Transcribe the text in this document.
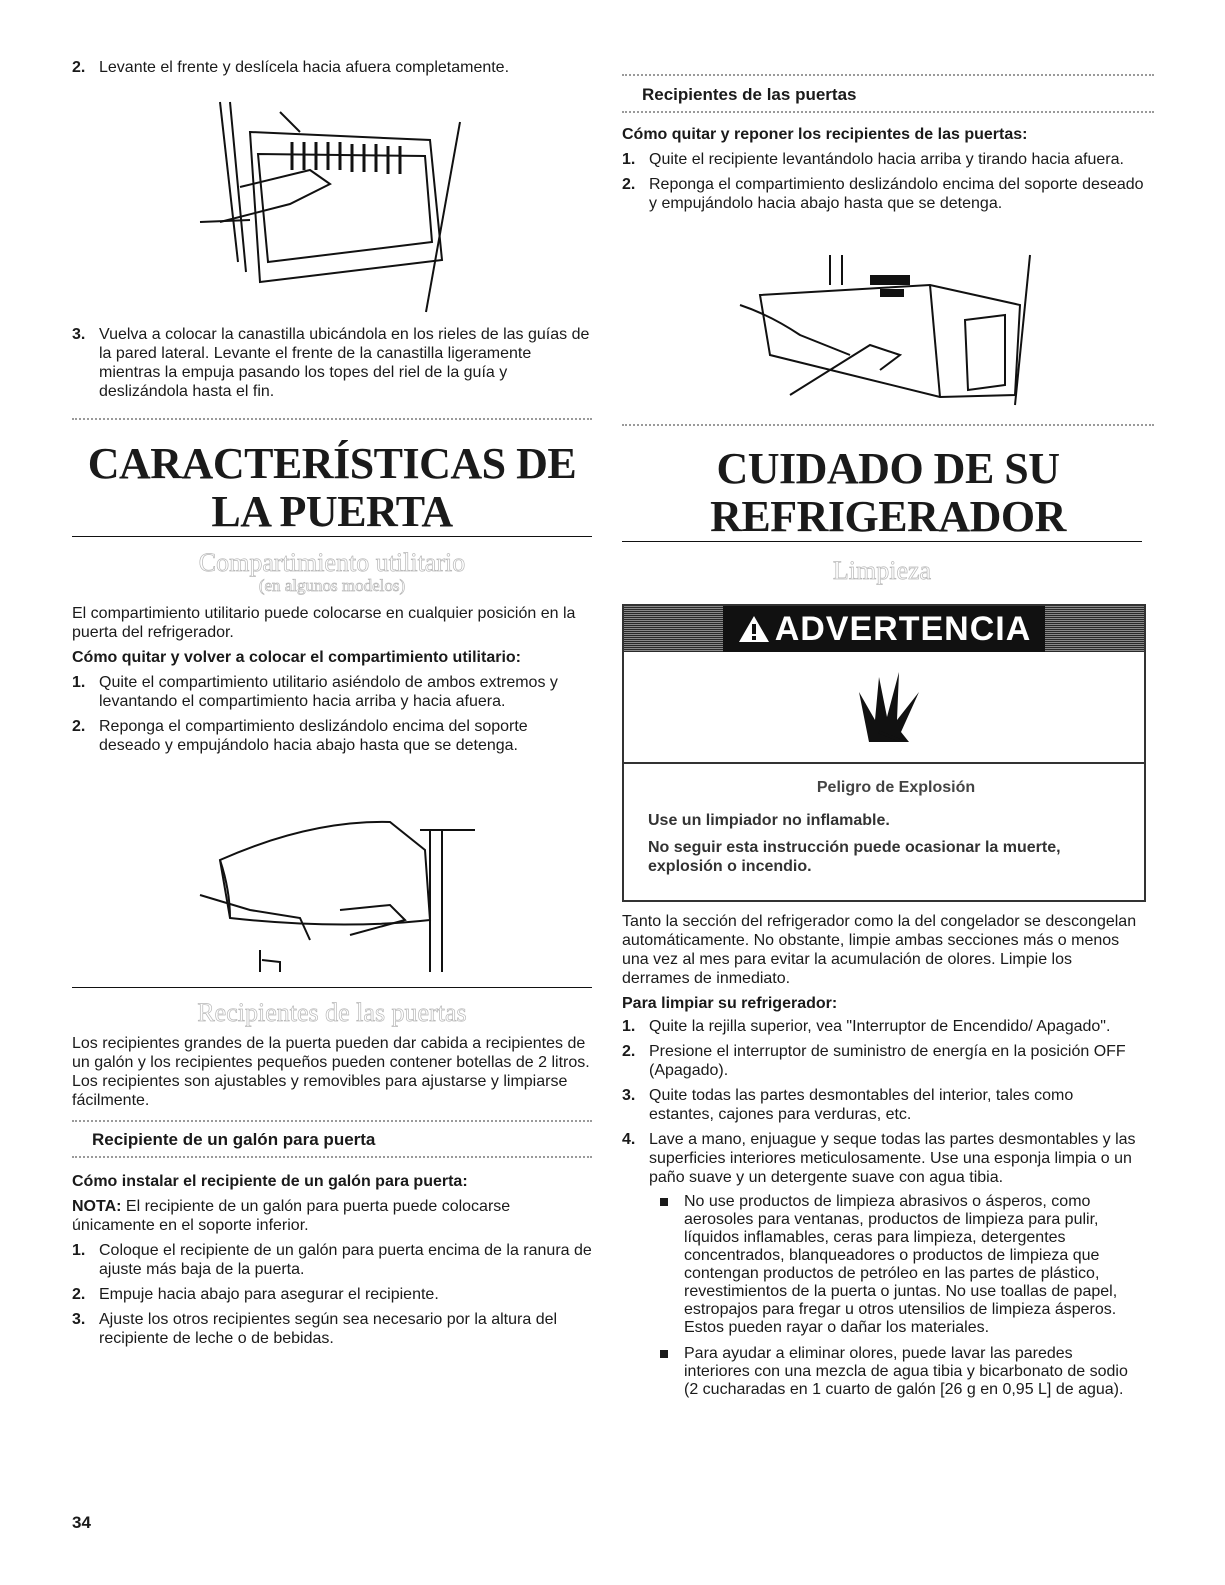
2. Levante el frente y deslícela hacia afuera completamente.
3. Vuelva a colocar la canastilla ubicándola en los rieles de las guías de la pared lateral. Levante el frente de la canastilla ligeramente mientras la empuja pasando los topes del riel de la guía y deslizándola hasta el fin.

CARACTERÍSTICAS DE

LA PUERTA

Compartimiento utilitario

(en algunos modelos)

El compartimiento utilitario puede colocarse en cualquier posición en la puerta del refrigerador.

Cómo quitar y volver a colocar el compartimiento utilitario:

1. Quite el compartimiento utilitario asiéndolo de ambos extremos y levantando el compartimiento hacia arriba y hacia afuera.
2. Reponga el compartimiento deslizándolo encima del soporte deseado y empujándolo hacia abajo hasta que se detenga.

Recipientes de las puertas

Los recipientes grandes de la puerta pueden dar cabida a recipientes de un galón y los recipientes pequeños pueden contener botellas de 2 litros. Los recipientes son ajustables y removibles para ajustarse y limpiarse fácilmente.

Recipiente de un galón para puerta

Cómo instalar el recipiente de un galón para puerta:

NOTA: El recipiente de un galón para puerta puede colocarse únicamente en el soporte inferior.

1. Coloque el recipiente de un galón para puerta encima de la ranura de ajuste más baja de la puerta.
2. Empuje hacia abajo para asegurar el recipiente.
3. Ajuste los otros recipientes según sea necesario por la altura del recipiente de leche o de bebidas.

Recipientes de las puertas

Cómo quitar y reponer los recipientes de las puertas:

1. Quite el recipiente levantándolo hacia arriba y tirando hacia afuera.
2. Reponga el compartimiento deslizándolo encima del soporte deseado y empujándolo hacia abajo hasta que se detenga.

CUIDADO DE SU

REFRIGERADOR

Limpieza

ADVERTENCIA

Peligro de Explosión

Use un limpiador no inflamable.

No seguir esta instrucción puede ocasionar la muerte, explosión o incendio.

Tanto la sección del refrigerador como la del congelador se descongelan automáticamente. No obstante, limpie ambas secciones más o menos una vez al mes para evitar la acumulación de olores. Limpie los derrames de inmediato.

Para limpiar su refrigerador:

1. Quite la rejilla superior, vea "Interruptor de Encendido/ Apagado".
2. Presione el interruptor de suministro de energía en la posición OFF (Apagado).
3. Quite todas las partes desmontables del interior, tales como estantes, cajones para verduras, etc.
4. Lave a mano, enjuague y seque todas las partes desmontables y las superficies interiores meticulosamente. Use una esponja limpia o un paño suave y un detergente suave con agua tibia.
No use productos de limpieza abrasivos o ásperos, como aerosoles para ventanas, productos de limpieza para pulir, líquidos inflamables, ceras para limpieza, detergentes concentrados, blanqueadores o productos de limpieza que contengan productos de petróleo en las partes de plástico, revestimientos de la puerta o juntas. No use toallas de papel, estropajos para fregar u otros utensilios de limpieza ásperos. Estos pueden rayar o dañar los materiales.
Para ayudar a eliminar olores, puede lavar las paredes interiores con una mezcla de agua tibia y bicarbonato de sodio (2 cucharadas en 1 cuarto de galón [26 g en 0,95 L] de agua).
34
